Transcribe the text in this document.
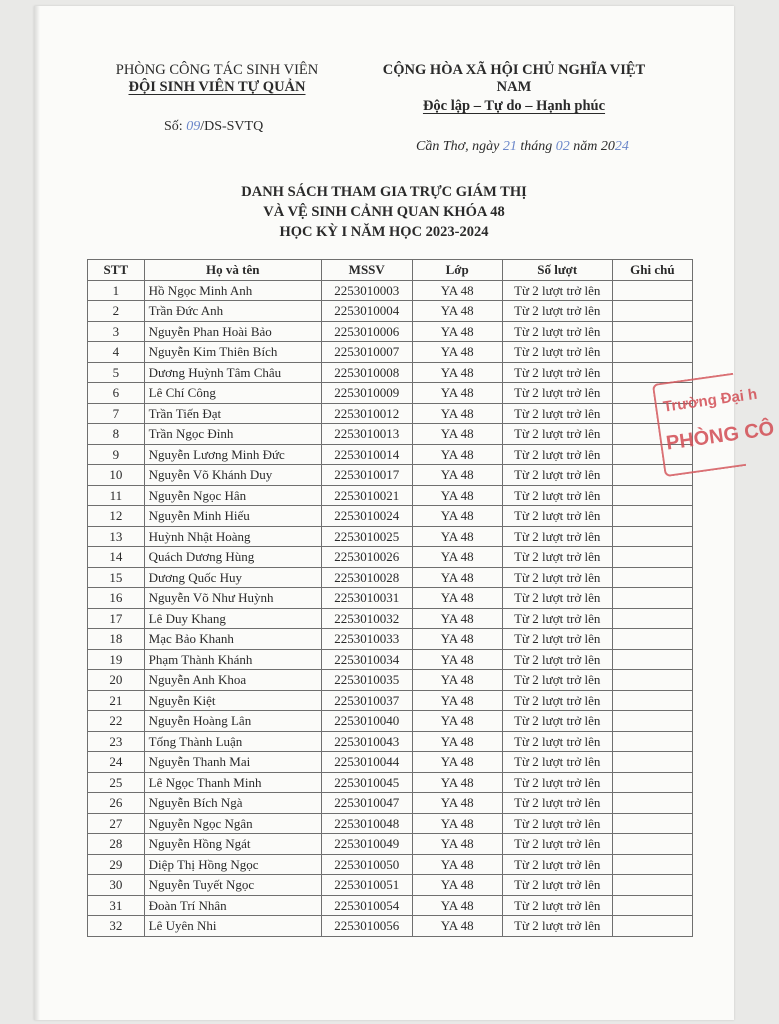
PHÒNG CÔNG TÁC SINH VIÊN
ĐỘI SINH VIÊN TỰ QUẢN
CỘNG HÒA XÃ HỘI CHỦ NGHĨA VIỆT
NAM
Độc lập – Tự do – Hạnh phúc
Số: 09/DS-SVTQ
Cần Thơ, ngày 21 tháng 02 năm 2024
DANH SÁCH THAM GIA TRỰC GIÁM THỊ
VÀ VỆ SINH CẢNH QUAN KHÓA 48
HỌC KỲ I NĂM HỌC 2023-2024
STT	Họ và tên	MSSV	Lớp	Số lượt	Ghi chú
1	Hồ Ngọc Minh Anh	2253010003	YA 48	Từ 2 lượt trở lên	
2	Trần Đức Anh	2253010004	YA 48	Từ 2 lượt trở lên	
3	Nguyễn Phan Hoài Bảo	2253010006	YA 48	Từ 2 lượt trở lên	
4	Nguyễn Kim Thiên Bích	2253010007	YA 48	Từ 2 lượt trở lên	
5	Dương Huỳnh Tâm Châu	2253010008	YA 48	Từ 2 lượt trở lên	
6	Lê Chí Công	2253010009	YA 48	Từ 2 lượt trở lên	
7	Trần Tiến Đạt	2253010012	YA 48	Từ 2 lượt trở lên	
8	Trần Ngọc Đỉnh	2253010013	YA 48	Từ 2 lượt trở lên	
9	Nguyễn Lương Minh Đức	2253010014	YA 48	Từ 2 lượt trở lên	
10	Nguyễn Võ Khánh Duy	2253010017	YA 48	Từ 2 lượt trở lên	
11	Nguyễn Ngọc Hân	2253010021	YA 48	Từ 2 lượt trở lên	
12	Nguyễn Minh Hiếu	2253010024	YA 48	Từ 2 lượt trở lên	
13	Huỳnh Nhật Hoàng	2253010025	YA 48	Từ 2 lượt trở lên	
14	Quách Dương Hùng	2253010026	YA 48	Từ 2 lượt trở lên	
15	Dương Quốc Huy	2253010028	YA 48	Từ 2 lượt trở lên	
16	Nguyễn Võ Như Huỳnh	2253010031	YA 48	Từ 2 lượt trở lên	
17	Lê Duy Khang	2253010032	YA 48	Từ 2 lượt trở lên	
18	Mạc Bảo Khanh	2253010033	YA 48	Từ 2 lượt trở lên	
19	Phạm Thành Khánh	2253010034	YA 48	Từ 2 lượt trở lên	
20	Nguyễn Anh Khoa	2253010035	YA 48	Từ 2 lượt trở lên	
21	Nguyễn Kiệt	2253010037	YA 48	Từ 2 lượt trở lên	
22	Nguyễn Hoàng Lân	2253010040	YA 48	Từ 2 lượt trở lên	
23	Tống Thành Luận	2253010043	YA 48	Từ 2 lượt trở lên	
24	Nguyễn Thanh Mai	2253010044	YA 48	Từ 2 lượt trở lên	
25	Lê Ngọc Thanh Minh	2253010045	YA 48	Từ 2 lượt trở lên	
26	Nguyễn Bích Ngà	2253010047	YA 48	Từ 2 lượt trở lên	
27	Nguyễn Ngọc Ngân	2253010048	YA 48	Từ 2 lượt trở lên	
28	Nguyễn Hồng Ngát	2253010049	YA 48	Từ 2 lượt trở lên	
29	Diệp Thị Hồng Ngọc	2253010050	YA 48	Từ 2 lượt trở lên	
30	Nguyễn Tuyết Ngọc	2253010051	YA 48	Từ 2 lượt trở lên	
31	Đoàn Trí Nhân	2253010054	YA 48	Từ 2 lượt trở lên	
32	Lê Uyên Nhi	2253010056	YA 48	Từ 2 lượt trở lên	
Trường Đại h
PHÒNG CÔ
